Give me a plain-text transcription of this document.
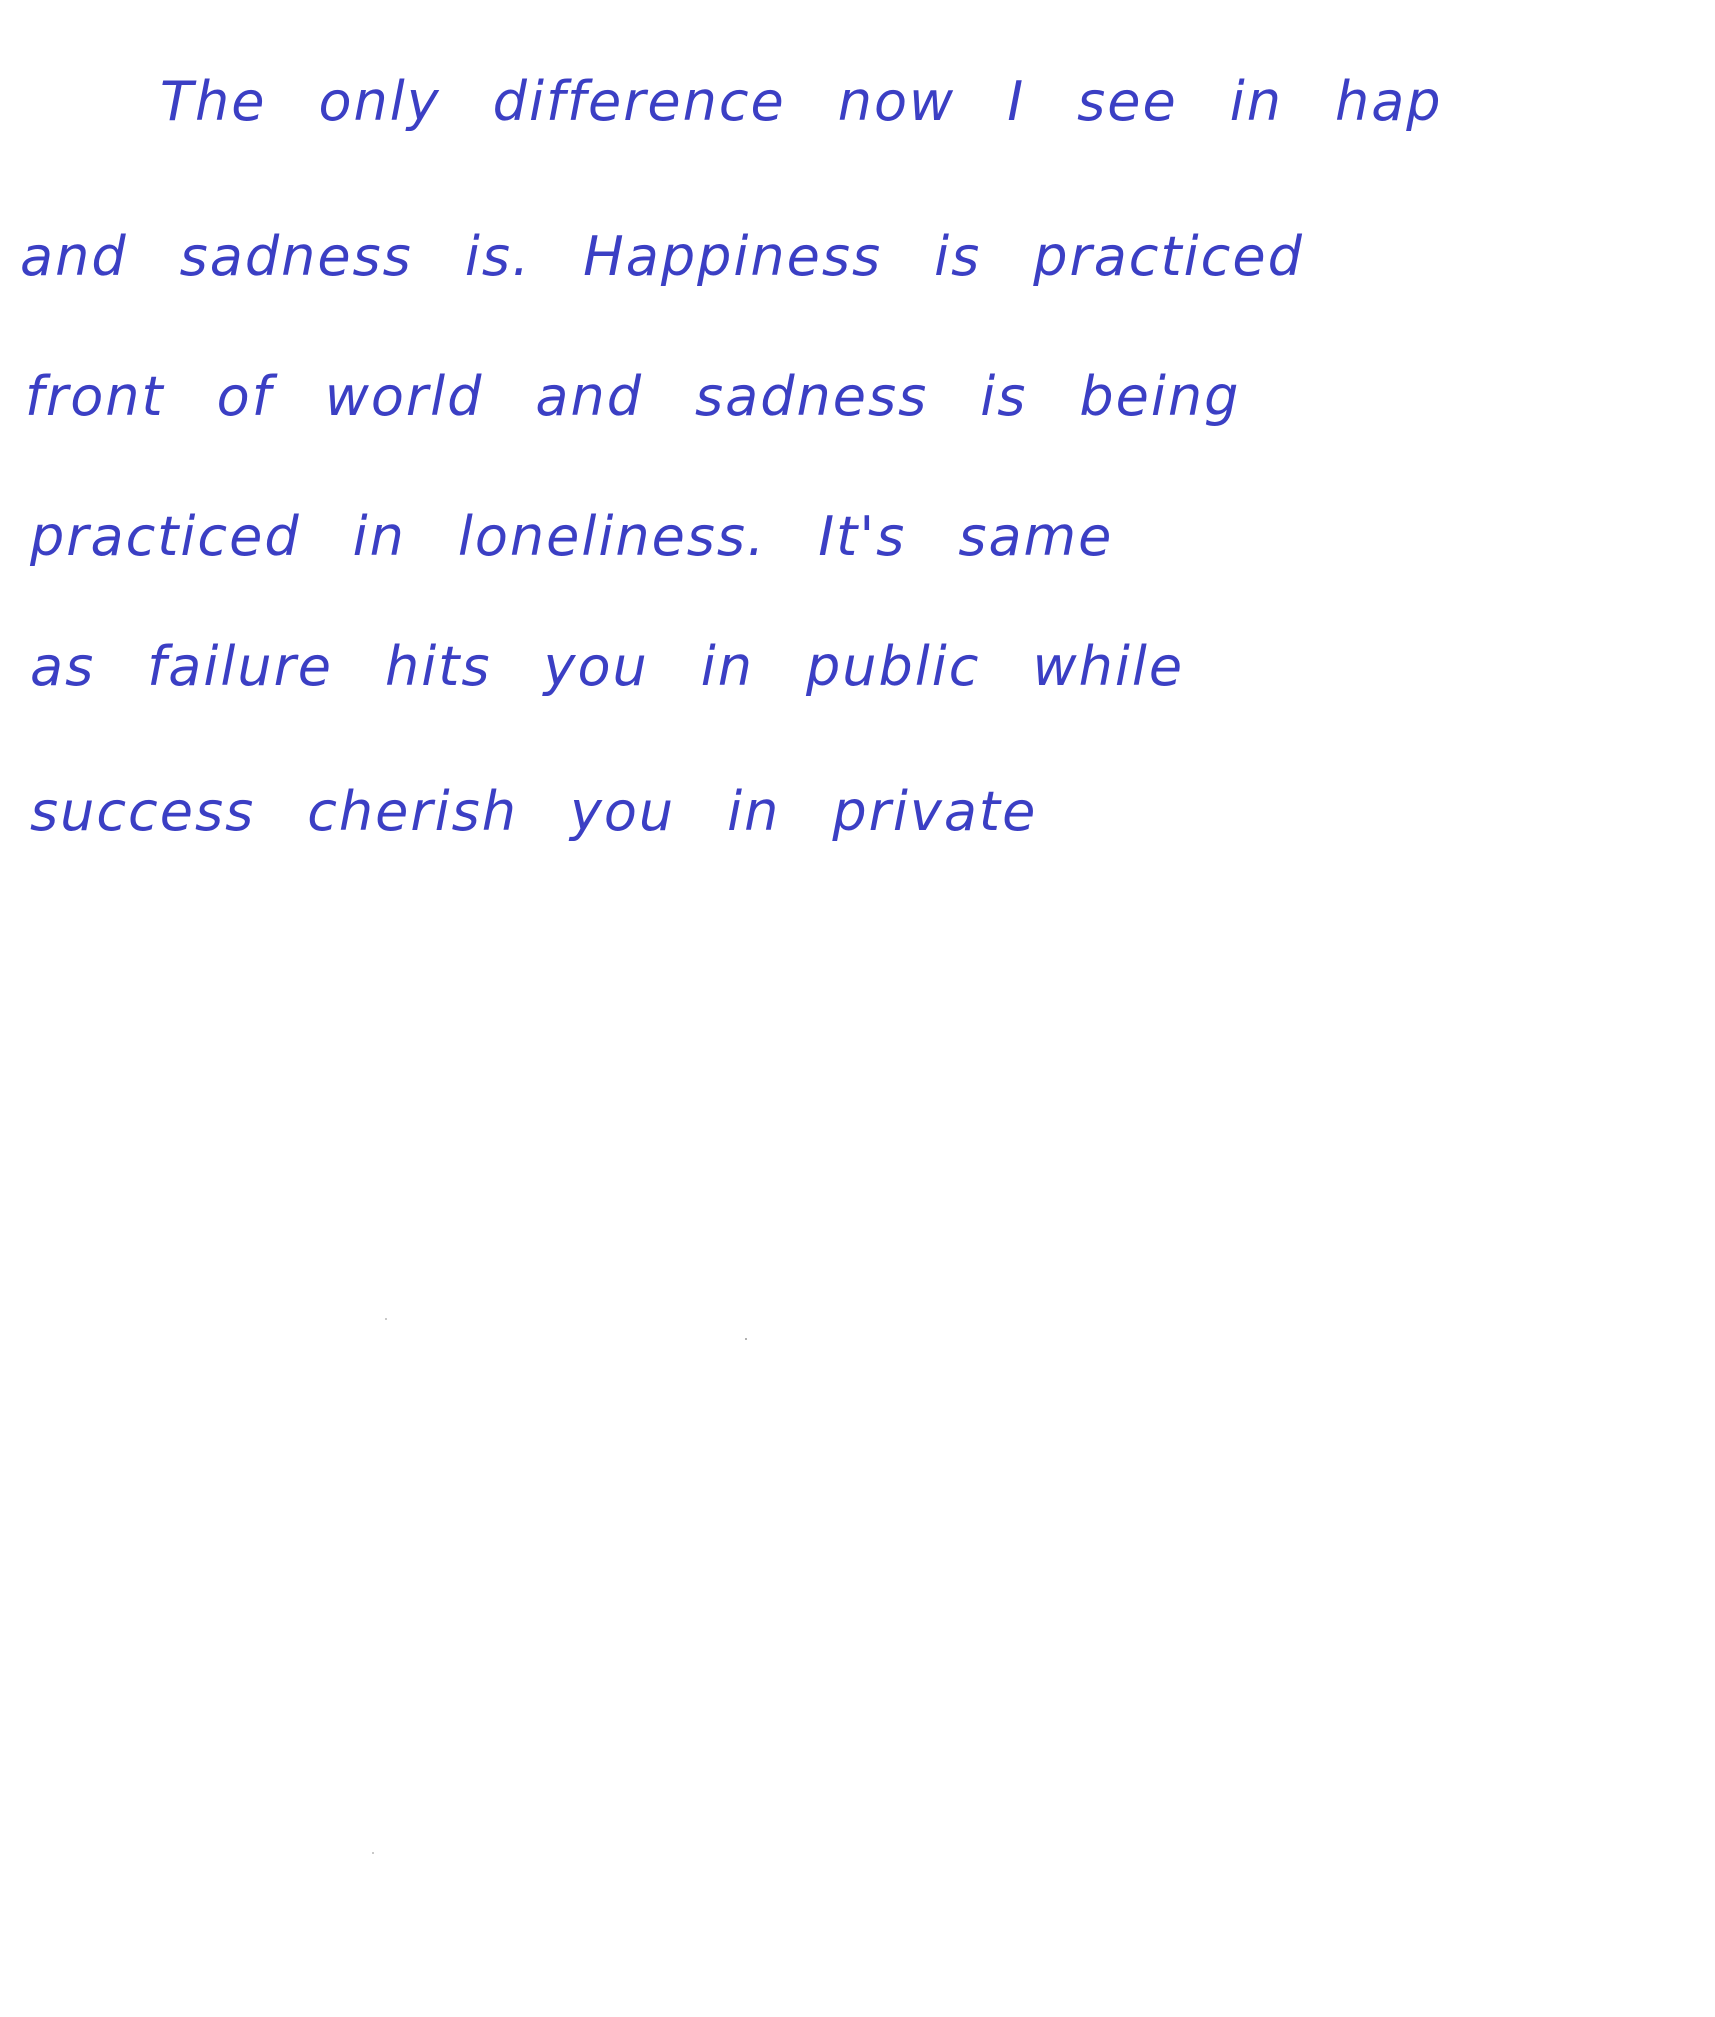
The only difference now I see in hap
and sadness is. Happiness is practiced
front of world and sadness is being
practiced in loneliness. It's same
as failure hits you in public while
success cherish you in private
